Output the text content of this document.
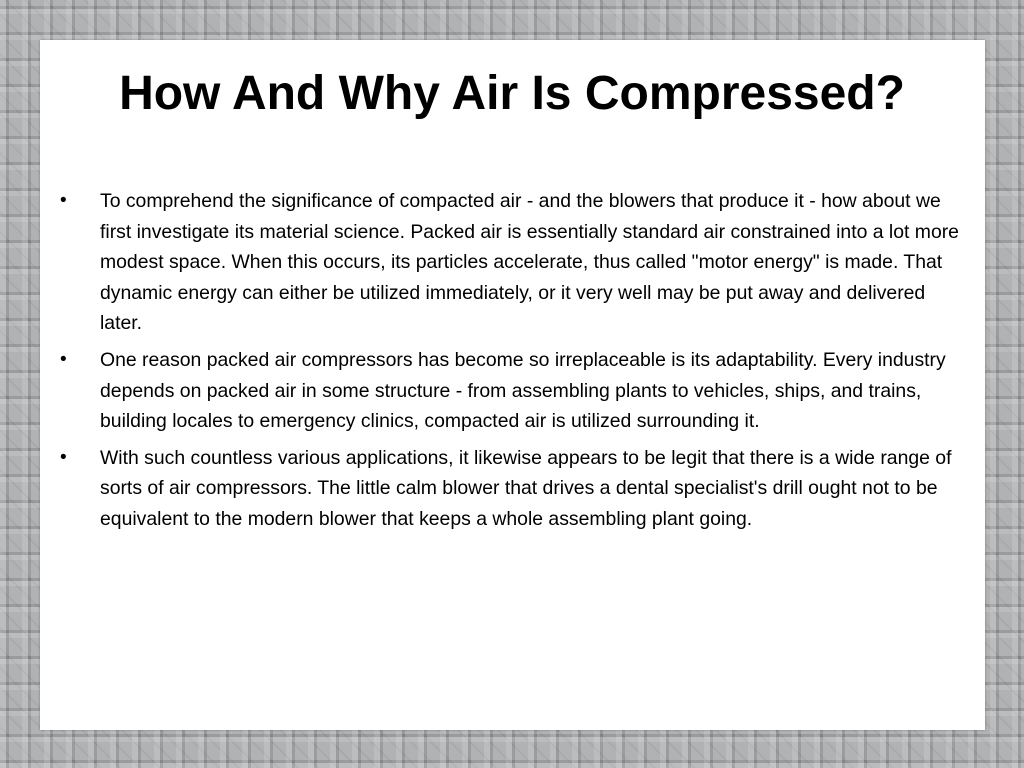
How And Why Air Is Compressed?
• To comprehend the significance of compacted air - and the blowers that produce it - how about we first investigate its material science. Packed air is essentially standard air constrained into a lot more modest space. When this occurs, its particles accelerate, thus called "motor energy" is made. That dynamic energy can either be utilized immediately, or it very well may be put away and delivered later.
• One reason packed air compressors has become so irreplaceable is its adaptability. Every industry depends on packed air in some structure - from assembling plants to vehicles, ships, and trains, building locales to emergency clinics, compacted air is utilized surrounding it.
• With such countless various applications, it likewise appears to be legit that there is a wide range of sorts of air compressors. The little calm blower that drives a dental specialist's drill ought not to be equivalent to the modern blower that keeps a whole assembling plant going.
